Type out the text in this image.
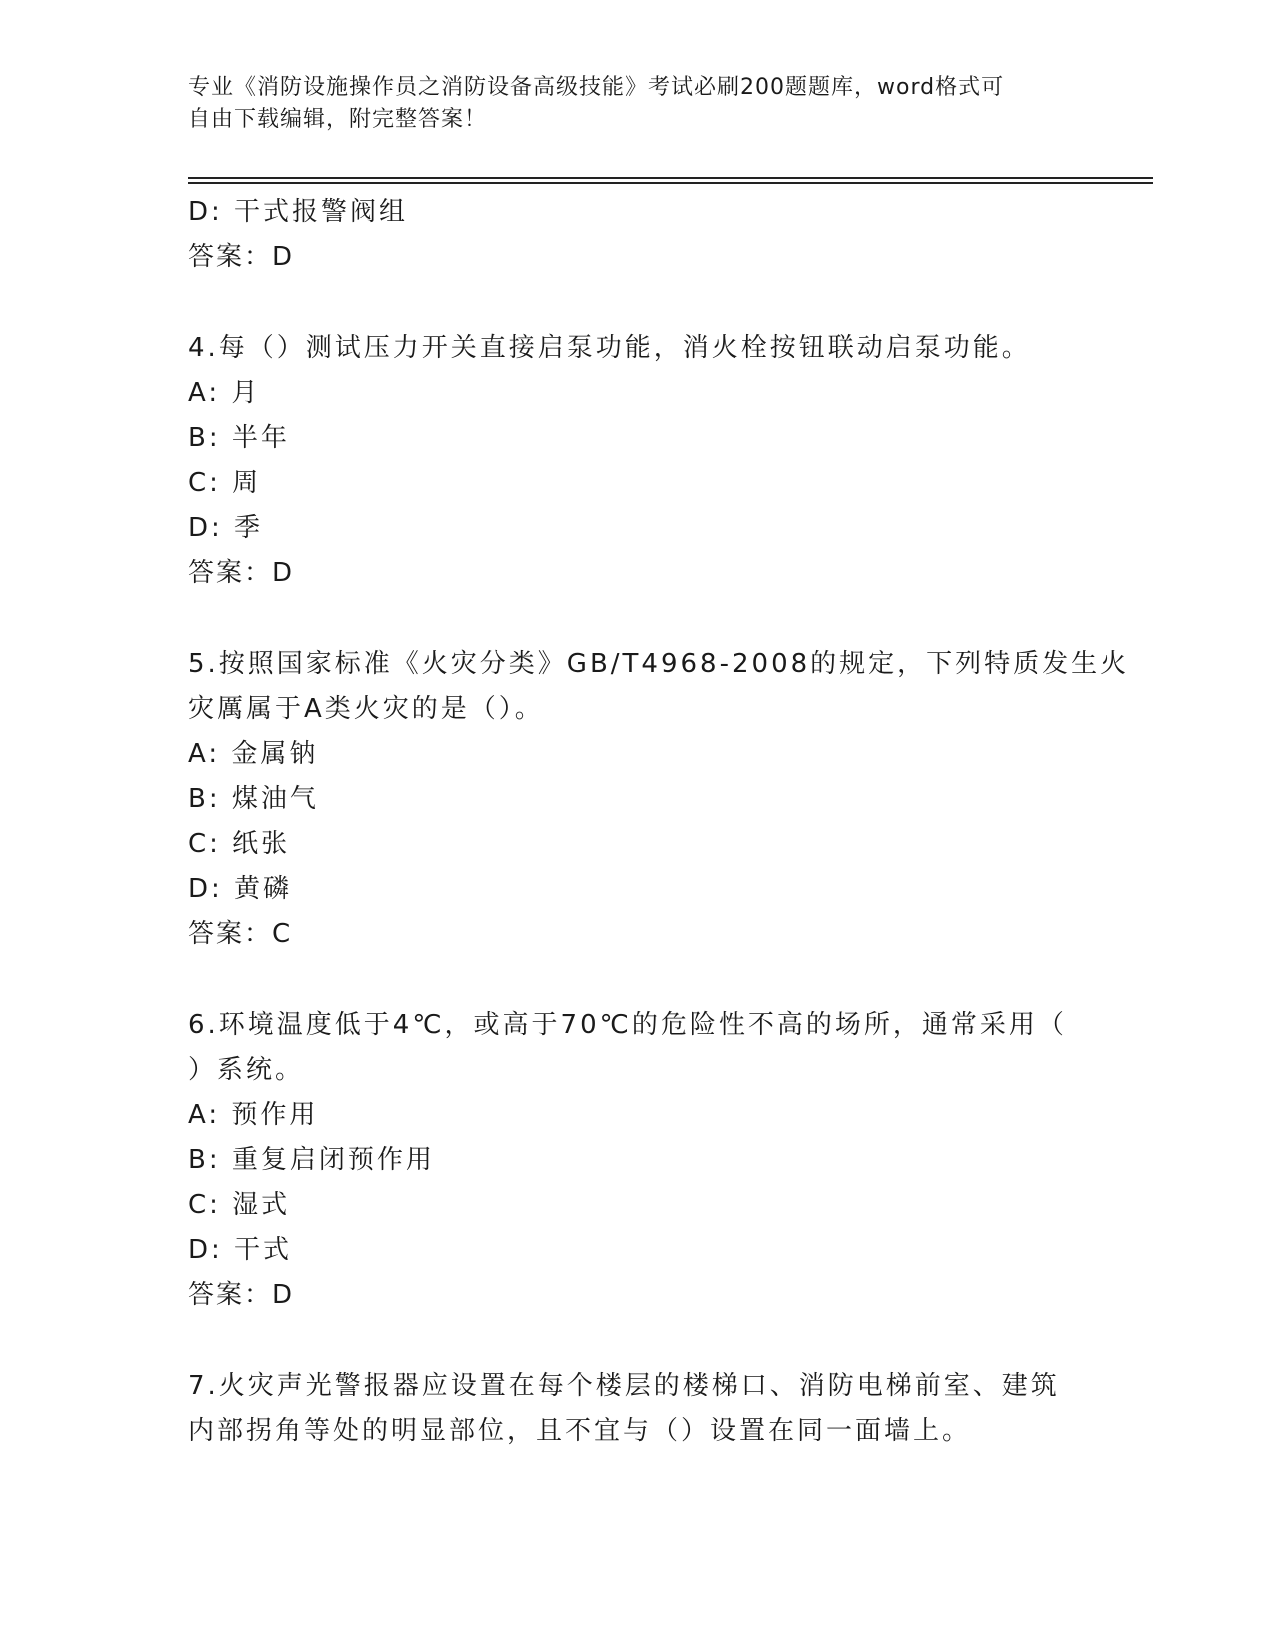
专业《消防设施操作员之消防设备高级技能》考试必刷200题题库，word格式可
自由下载编辑，附完整答案！
D: 干式报警阀组
答案：D
4.每（）测试压力开关直接启泵功能，消火栓按钮联动启泵功能。
A: 月
B: 半年
C: 周
D: 季
答案：D
5.按照国家标准《火灾分类》GB/T4968-2008的规定，下列特质发生火
灾厲属于A类火灾的是（）。
A: 金属钠
B: 煤油气
C: 纸张
D: 黄磷
答案：C
6.环境温度低于4℃，或高于70℃的危险性不高的场所，通常采用（
）系统。
A: 预作用
B: 重复启闭预作用
C: 湿式
D: 干式
答案：D
7.火灾声光警报器应设置在每个楼层的楼梯口、消防电梯前室、建筑
内部拐角等处的明显部位，且不宜与（）设置在同一面墙上。
